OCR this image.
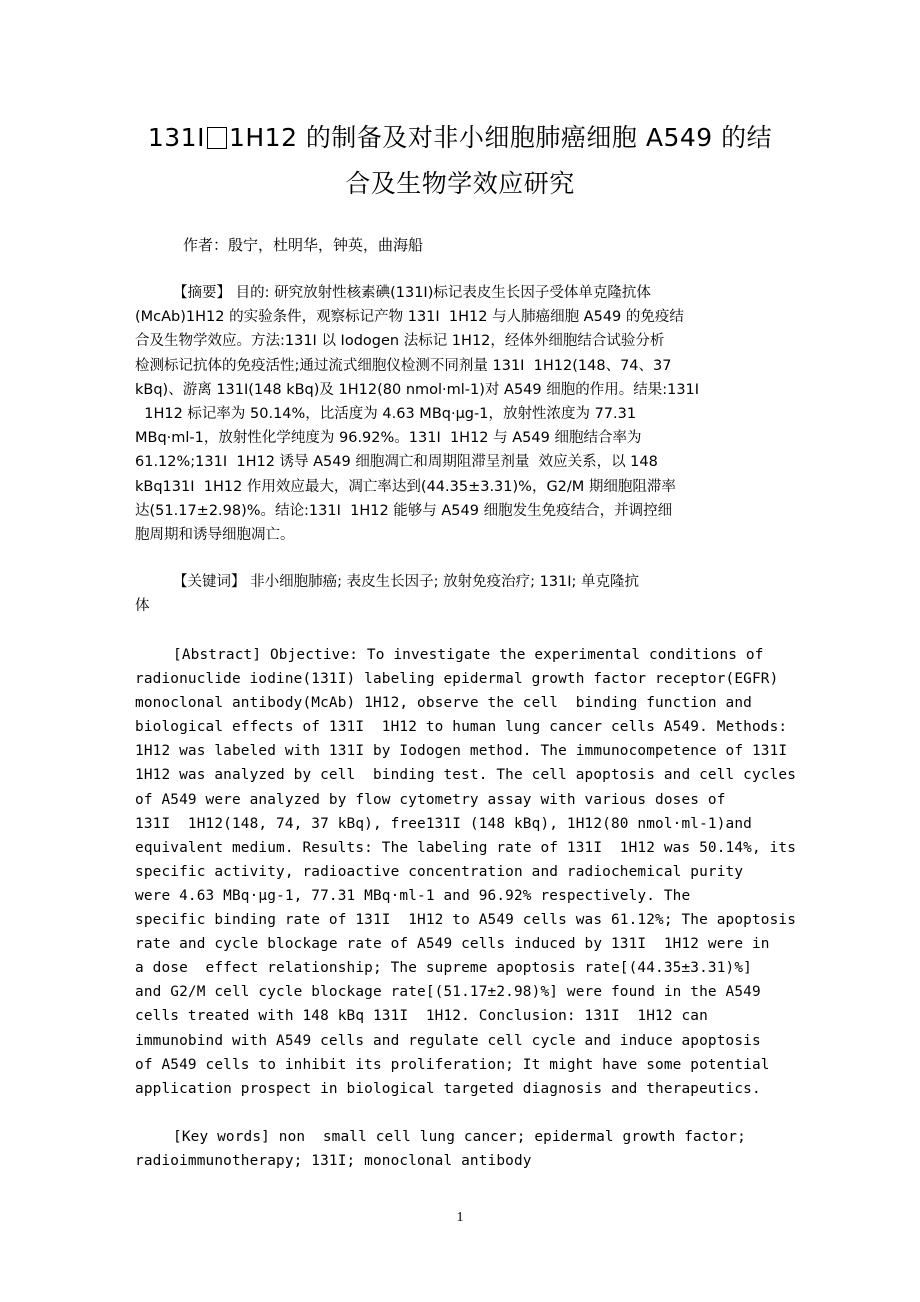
131I 1H12 的制备及对非小细胞肺癌细胞 A549 的结
合及生物学效应研究
作者：殷宁，杜明华，钟英，曲海船
【摘要】 目的: 研究放射性核素碘(131I)标记表皮生长因子受体单克隆抗体
(McAb)1H12 的实验条件，观察标记产物 131I  1H12 与人肺癌细胞 A549 的免疫结
合及生物学效应。方法:131I 以 Iodogen 法标记 1H12，经体外细胞结合试验分析
检测标记抗体的免疫活性;通过流式细胞仪检测不同剂量 131I  1H12(148、74、37
kBq)、游离 131I(148 kBq)及 1H12(80 nmol·ml-1)对 A549 细胞的作用。结果:131I
1H12 标记率为 50.14%，比活度为 4.63 MBq·μg-1，放射性浓度为 77.31
MBq·ml-1，放射性化学纯度为 96.92%。131I  1H12 与 A549 细胞结合率为
61.12%;131I  1H12 诱导 A549 细胞凋亡和周期阻滞呈剂量  效应关系，以 148
kBq131I  1H12 作用效应最大，凋亡率达到(44.35±3.31)%，G2/M 期细胞阻滞率
达(51.17±2.98)%。结论:131I  1H12 能够与 A549 细胞发生免疫结合，并调控细
胞周期和诱导细胞凋亡。
【关键词】 非小细胞肺癌; 表皮生长因子; 放射免疫治疗; 131I; 单克隆抗
体
[Abstract] Objective: To investigate the experimental conditions of
radionuclide iodine(131I) labeling epidermal growth factor receptor(EGFR)
monoclonal antibody(McAb) 1H12, observe the cell  binding function and
biological effects of 131I  1H12 to human lung cancer cells A549. Methods:
1H12 was labeled with 131I by Iodogen method. The immunocompetence of 131I
1H12 was analyzed by cell  binding test. The cell apoptosis and cell cycles
of A549 were analyzed by flow cytometry assay with various doses of
131I  1H12(148, 74, 37 kBq), free131I (148 kBq), 1H12(80 nmol·ml-1)and
equivalent medium. Results: The labeling rate of 131I  1H12 was 50.14%, its
specific activity, radioactive concentration and radiochemical purity
were 4.63 MBq·μg-1, 77.31 MBq·ml-1 and 96.92% respectively. The
specific binding rate of 131I  1H12 to A549 cells was 61.12%; The apoptosis
rate and cycle blockage rate of A549 cells induced by 131I  1H12 were in
a dose  effect relationship; The supreme apoptosis rate[(44.35±3.31)%]
and G2/M cell cycle blockage rate[(51.17±2.98)%] were found in the A549
cells treated with 148 kBq 131I  1H12. Conclusion: 131I  1H12 can
immunobind with A549 cells and regulate cell cycle and induce apoptosis
of A549 cells to inhibit its proliferation; It might have some potential
application prospect in biological targeted diagnosis and therapeutics.
[Key words] non  small cell lung cancer; epidermal growth factor;
radioimmunotherapy; 131I; monoclonal antibody
1
